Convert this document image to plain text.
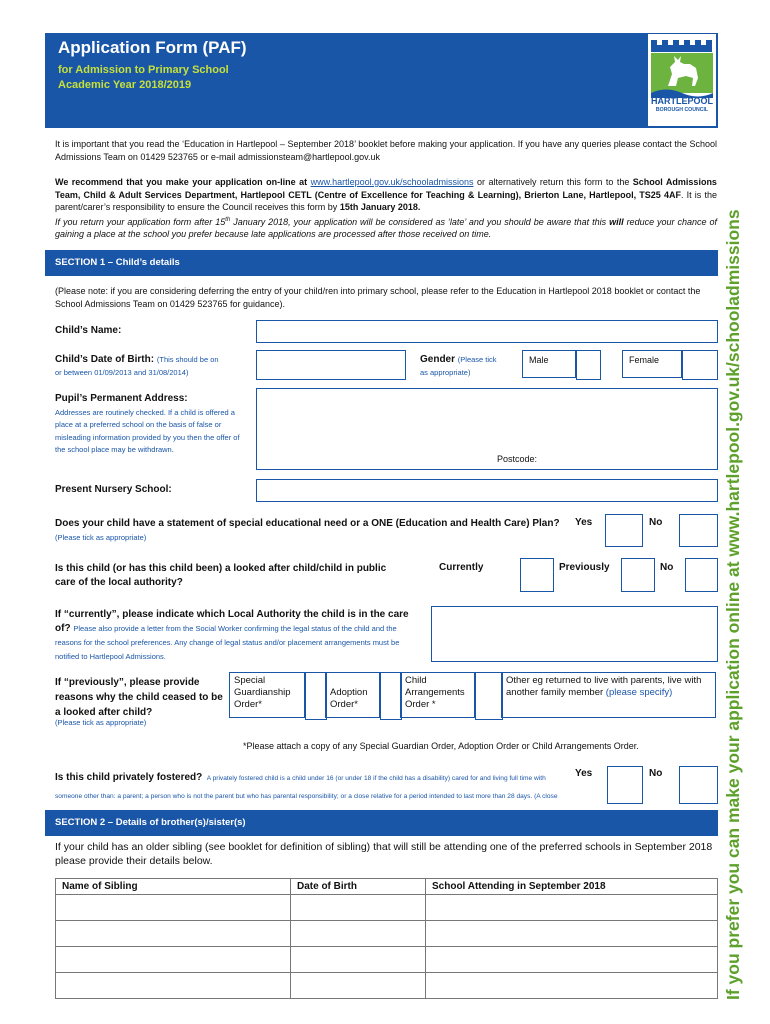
Application Form (PAF)
for Admission to Primary School
Academic Year 2018/2019
HARTLEPOOL
BOROUGH COUNCIL
It is important that you read the ‘Education in Hartlepool – September 2018’ booklet before making your application. If you have any queries please contact the School Admissions Team on 01429 523765 or e-mail admissionsteam@hartlepool.gov.uk
We recommend that you make your application on-line at www.hartlepool.gov.uk/schooladmissions or alternatively return this form to the School Admissions Team, Child & Adult Services Department, Hartlepool CETL (Centre of Excellence for Teaching & Learning), Brierton Lane, Hartlepool, TS25 4AF. It is the parent/carer’s responsibility to ensure the Council receives this form by 15th January 2018.
If you return your application form after 15th January 2018, your application will be considered as ‘late’ and you should be aware that this will reduce your chance of gaining a place at the school you prefer because late applications are processed after those received on time.
SECTION 1 – Child’s details
(Please note: if you are considering deferring the entry of your child/ren into primary school, please refer to the Education in Hartlepool 2018 booklet or contact the School Admissions Team on 01429 523765 for guidance).
Child’s Name:
Child’s Date of Birth: (This should be on
or between 01/09/2013 and 31/08/2014)
Gender (Please tick
as appropriate)
Male	Female
Pupil’s Permanent Address:
Addresses are routinely checked. If a child is offered a place at a preferred school on the basis of false or misleading information provided by you then the offer of the school place may be withdrawn.
Postcode:
Present Nursery School:
Does your child have a statement of special educational need or a ONE (Education and Health Care) Plan? (Please tick as appropriate)
Yes	No
Is this child (or has this child been) a looked after child/child in public care of the local authority?
Currently	Previously	No
If “currently”, please indicate which Local Authority the child is in the care of? Please also provide a letter from the Social Worker confirming the legal status of the child and the reasons for the school preferences. Any change of legal status and/or placement arrangements must be notified to Hartlepool Admissions.
If “previously”, please provide reasons why the child ceased to be a looked after child?
(Please tick as appropriate)
Special Guardianship Order*
Adoption Order*
Child Arrangements Order *
Other eg returned to live with parents, live with another family member (please specify)
*Please attach a copy of any Special Guardian Order, Adoption Order or Child Arrangements Order.
Is this child privately fostered? A privately fostered child is a child under 16 (or under 18 if the child has a disability) cared for and living full time with someone other than: a parent; a person who is not the parent but who has parental responsibility; or a close relative for a period intended to last more than 28 days. (A close
Yes	No
SECTION 2 – Details of brother(s)/sister(s)
If your child has an older sibling (see booklet for definition of sibling) that will still be attending one of the preferred schools in September 2018 please provide their details below.
Name of Sibling	Date of Birth	School Attending in September 2018

			If you prefer you can make your application online at www.hartlepool.gov.uk/schooladmissions
